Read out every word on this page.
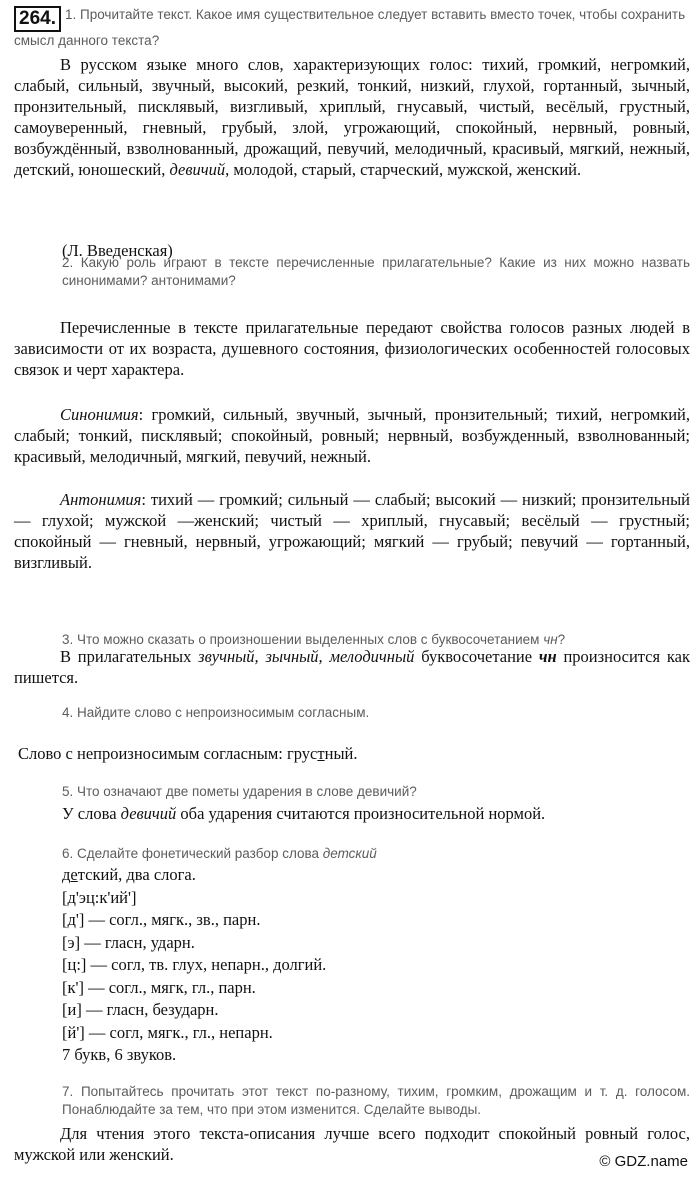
264. 1. Прочитайте текст. Какое имя существительное следует вставить вместо точек, чтобы сохранить смысл данного текста?
В русском языке много слов, характеризующих голос: тихий, громкий, негромкий, слабый, сильный, звучный, высокий, резкий, тонкий, низкий, глухой, гортанный, зычный, пронзительный, писклявый, визгливый, хриплый, гнусавый, чистый, весёлый, грустный, самоуверенный, гневный, грубый, злой, угрожающий, спокойный, нервный, ровный, возбуждённый, взволнованный, дрожащий, певучий, мелодичный, красивый, мягкий, нежный, детский, юношеский, девичий, молодой, старый, старческий, мужской, женский.
(Л. Введенская)
2. Какую роль играют в тексте перечисленные прилагательные? Какие из них можно назвать синонимами? антонимами?
Перечисленные в тексте прилагательные передают свойства голосов разных людей в зависимости от их возраста, душевного состояния, физиологических особенностей голосовых связок и черт характера.
Синонимия: громкий, сильный, звучный, зычный, пронзительный; тихий, негромкий, слабый; тонкий, писклявый; спокойный, ровный; нервный, возбужденный, взволнованный; красивый, мелодичный, мягкий, певучий, нежный.
Антонимия: тихий — громкий; сильный — слабый; высокий — низкий; пронзительный — глухой; мужской —женский; чистый — хриплый, гнусавый; весёлый — грустный; спокойный — гневный, нервный, угрожающий; мягкий — грубый; певучий — гортанный, визгливый.
3. Что можно сказать о произношении выделенных слов с буквосочетанием чн?
В прилагательных звучный, зычный, мелодичный буквосочетание чн произносится как пишется.
4. Найдите слово с непроизносимым согласным.
Слово с непроизносимым согласным: грустный.
5. Что означают две пометы ударения в слове девичий?
У слова девичий оба ударения считаются произносительной нормой.
6. Сделайте фонетический разбор слова детский
детский, два слога.
[д'эц:к'ий']
[д'] — согл., мягк., зв., парн.
[э] — гласн, ударн.
[ц:] — согл, тв. глух, непарн., долгий.
[к'] — согл., мягк, гл., парн.
[и] — гласн, безударн.
[й'] — согл, мягк., гл., непарн.
7 букв, 6 звуков.
7. Попытайтесь прочитать этот текст по-разному, тихим, громким, дрожащим и т. д. голосом. Понаблюдайте за тем, что при этом изменится. Сделайте выводы.
Для чтения этого текста-описания лучше всего подходит спокойный ровный голос, мужской или женский.	© GDZ.name
